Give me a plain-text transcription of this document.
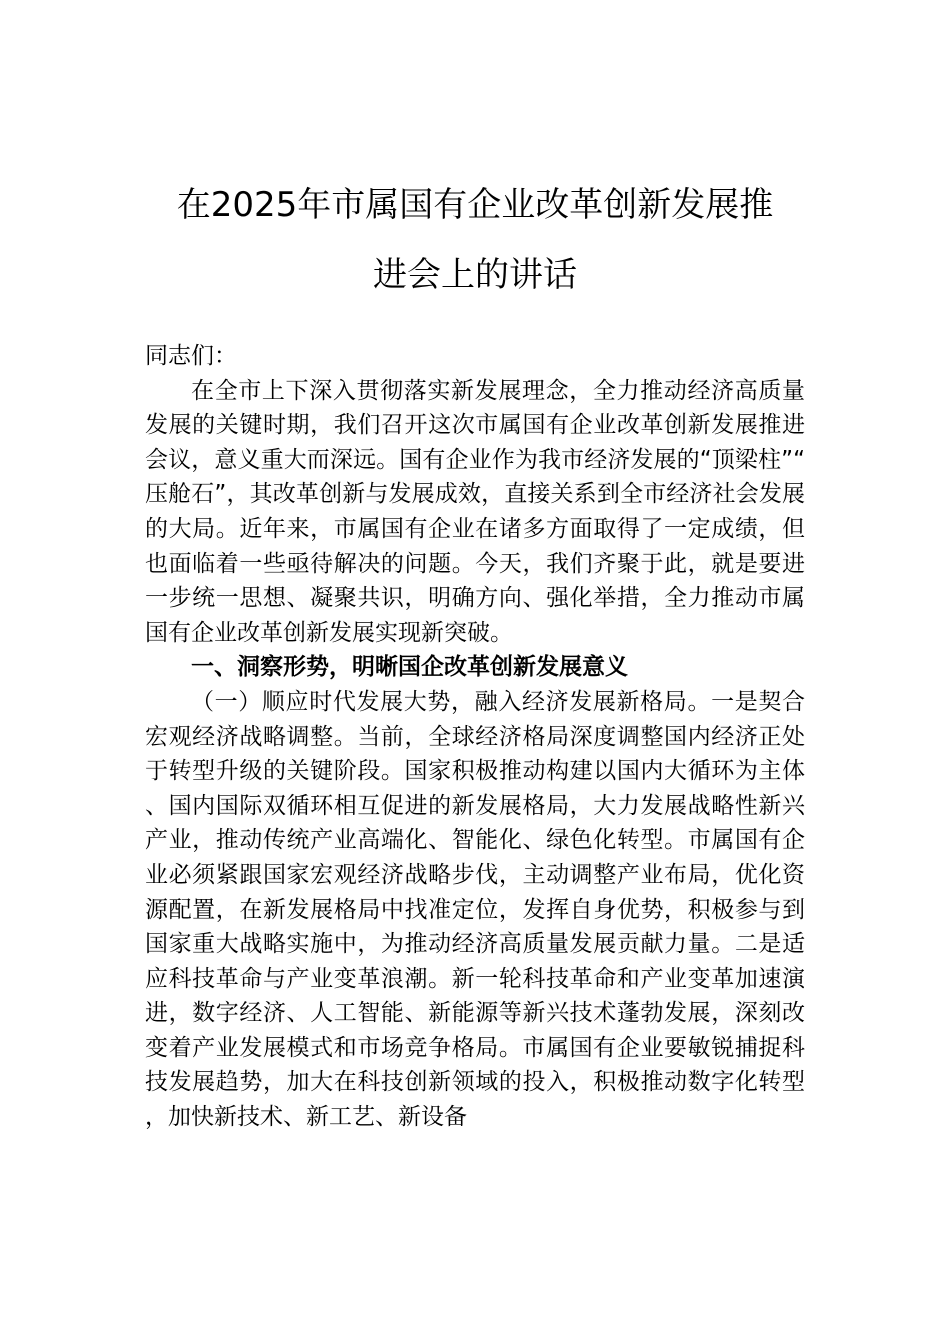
在2025年市属国有企业改革创新发展推
进会上的讲话

同志们：

在全市上下深入贯彻落实新发展理念，全力推动经济高质量发展的关键时期，我们召开这次市属国有企业改革创新发展推进会议，意义重大而深远。国有企业作为我市经济发展的“顶梁柱”“压舱石”，其改革创新与发展成效，直接关系到全市经济社会发展的大局。近年来，市属国有企业在诸多方面取得了一定成绩，但也面临着一些亟待解决的问题。今天，我们齐聚于此，就是要进一步统一思想、凝聚共识，明确方向、强化举措，全力推动市属国有企业改革创新发展实现新突破。

一、洞察形势，明晰国企改革创新发展意义

（一）顺应时代发展大势，融入经济发展新格局。一是契合宏观经济战略调整。当前，全球经济格局深度调整国内经济正处于转型升级的关键阶段。国家积极推动构建以国内大循环为主体、国内国际双循环相互促进的新发展格局，大力发展战略性新兴产业，推动传统产业高端化、智能化、绿色化转型。市属国有企业必须紧跟国家宏观经济战略步伐，主动调整产业布局，优化资源配置，在新发展格局中找准定位，发挥自身优势，积极参与到国家重大战略实施中，为推动经济高质量发展贡献力量。二是适应科技革命与产业变革浪潮。新一轮科技革命和产业变革加速演进，数字经济、人工智能、新能源等新兴技术蓬勃发展，深刻改变着产业发展模式和市场竞争格局。市属国有企业要敏锐捕捉科技发展趋势，加大在科技创新领域的投入，积极推动数字化转型，加快新技术、新工艺、新设备
